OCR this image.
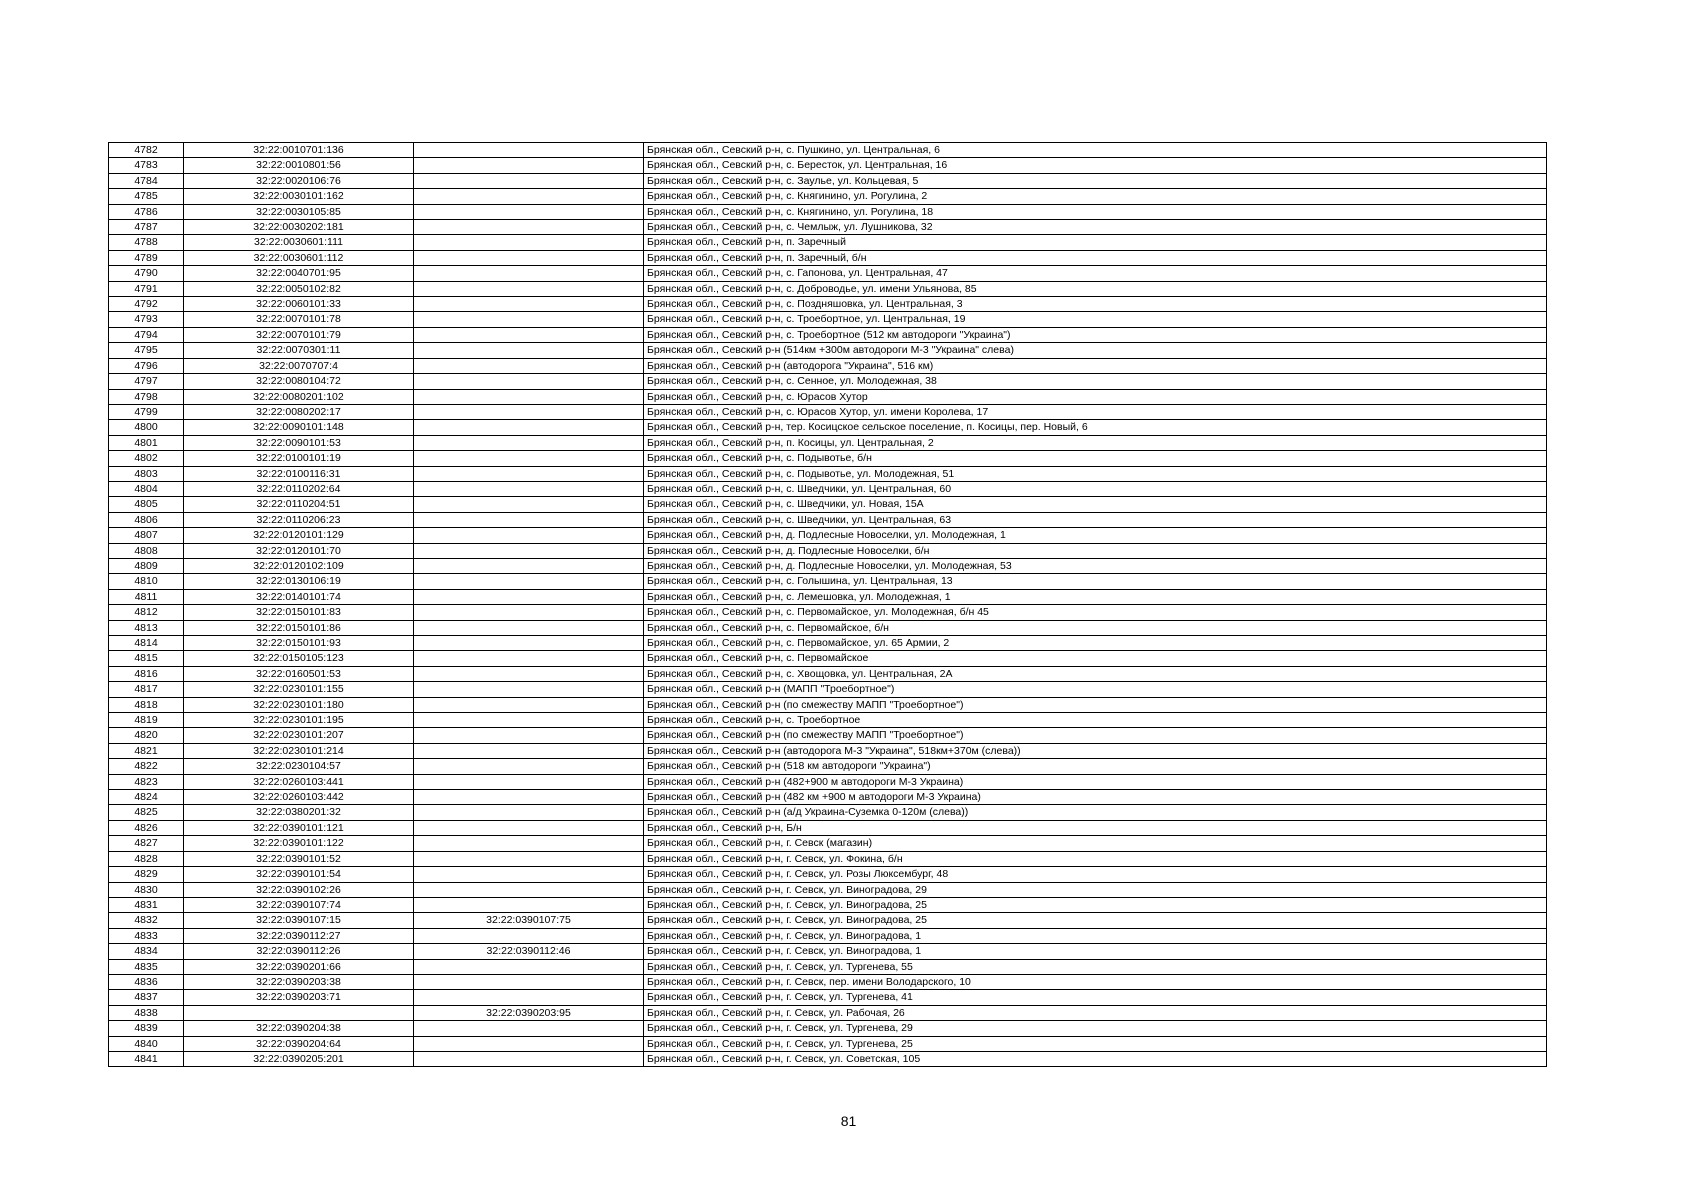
4782	32:22:0010701:136		Брянская обл., Севский р-н, с. Пушкино, ул. Центральная, 6
4783	32:22:0010801:56		Брянская обл., Севский р-н, с. Бересток, ул. Центральная, 16
4784	32:22:0020106:76		Брянская обл., Севский р-н, с. Заулье, ул. Кольцевая, 5
4785	32:22:0030101:162		Брянская обл., Севский р-н, с. Княгинино, ул. Рогулина, 2
4786	32:22:0030105:85		Брянская обл., Севский р-н, с. Княгинино, ул. Рогулина, 18
4787	32:22:0030202:181		Брянская обл., Севский р-н, с. Чемлыж, ул. Лушникова, 32
4788	32:22:0030601:111		Брянская обл., Севский р-н, п. Заречный
4789	32:22:0030601:112		Брянская обл., Севский р-н, п. Заречный, б/н
4790	32:22:0040701:95		Брянская обл., Севский р-н, с. Гапонова, ул. Центральная, 47
4791	32:22:0050102:82		Брянская обл., Севский р-н, с. Доброводье, ул. имени Ульянова, 85
4792	32:22:0060101:33		Брянская обл., Севский р-н, с. Поздняшовка, ул. Центральная, 3
4793	32:22:0070101:78		Брянская обл., Севский р-н, с. Троебортное, ул. Центральная, 19
4794	32:22:0070101:79		Брянская обл., Севский р-н, с. Троебортное (512 км автодороги "Украина")
4795	32:22:0070301:11		Брянская обл., Севский р-н (514км +300м автодороги М-3 "Украина" слева)
4796	32:22:0070707:4		Брянская обл., Севский р-н (автодорога "Украина", 516 км)
4797	32:22:0080104:72		Брянская обл., Севский р-н, с. Сенное, ул. Молодежная, 38
4798	32:22:0080201:102		Брянская обл., Севский р-н, с. Юрасов Хутор
4799	32:22:0080202:17		Брянская обл., Севский р-н, с. Юрасов Хутор, ул. имени Королева, 17
4800	32:22:0090101:148		Брянская обл., Севский р-н, тер. Косицское сельское поселение, п. Косицы, пер. Новый, 6
4801	32:22:0090101:53		Брянская обл., Севский р-н, п. Косицы, ул. Центральная, 2
4802	32:22:0100101:19		Брянская обл., Севский р-н, с. Подывотье, б/н
4803	32:22:0100116:31		Брянская обл., Севский р-н, с. Подывотье, ул. Молодежная, 51
4804	32:22:0110202:64		Брянская обл., Севский р-н, с. Шведчики, ул. Центральная, 60
4805	32:22:0110204:51		Брянская обл., Севский р-н, с. Шведчики, ул. Новая, 15А
4806	32:22:0110206:23		Брянская обл., Севский р-н, с. Шведчики, ул. Центральная, 63
4807	32:22:0120101:129		Брянская обл., Севский р-н, д. Подлесные Новоселки, ул. Молодежная, 1
4808	32:22:0120101:70		Брянская обл., Севский р-н, д. Подлесные Новоселки, б/н
4809	32:22:0120102:109		Брянская обл., Севский р-н, д. Подлесные Новоселки, ул. Молодежная, 53
4810	32:22:0130106:19		Брянская обл., Севский р-н, с. Голышина, ул. Центральная, 13
4811	32:22:0140101:74		Брянская обл., Севский р-н, с. Лемешовка, ул. Молодежная, 1
4812	32:22:0150101:83		Брянская обл., Севский р-н, с. Первомайское, ул. Молодежная, б/н 45
4813	32:22:0150101:86		Брянская обл., Севский р-н, с. Первомайское, б/н
4814	32:22:0150101:93		Брянская обл., Севский р-н, с. Первомайское, ул. 65 Армии, 2
4815	32:22:0150105:123		Брянская обл., Севский р-н, с. Первомайское
4816	32:22:0160501:53		Брянская обл., Севский р-н, с. Хвощовка, ул. Центральная, 2А
4817	32:22:0230101:155		Брянская обл., Севский р-н (МАПП "Троебортное")
4818	32:22:0230101:180		Брянская обл., Севский р-н (по смежеству МАПП "Троебортное")
4819	32:22:0230101:195		Брянская обл., Севский р-н, с. Троебортное
4820	32:22:0230101:207		Брянская обл., Севский р-н (по смежеству МАПП "Троебортное")
4821	32:22:0230101:214		Брянская обл., Севский р-н (автодорога М-3 "Украина", 518км+370м (слева))
4822	32:22:0230104:57		Брянская обл., Севский р-н (518 км автодороги "Украина")
4823	32:22:0260103:441		Брянская обл., Севский р-н (482+900 м автодороги М-3 Украина)
4824	32:22:0260103:442		Брянская обл., Севский р-н (482 км +900 м автодороги М-3 Украина)
4825	32:22:0380201:32		Брянская обл., Севский р-н (а/д Украина-Суземка 0-120м (слева))
4826	32:22:0390101:121		Брянская обл., Севский р-н, Б/н
4827	32:22:0390101:122		Брянская обл., Севский р-н, г. Севск (магазин)
4828	32:22:0390101:52		Брянская обл., Севский р-н, г. Севск, ул. Фокина, б/н
4829	32:22:0390101:54		Брянская обл., Севский р-н, г. Севск, ул. Розы Люксембург, 48
4830	32:22:0390102:26		Брянская обл., Севский р-н, г. Севск, ул. Виноградова, 29
4831	32:22:0390107:74		Брянская обл., Севский р-н, г. Севск, ул. Виноградова, 25
4832	32:22:0390107:15	32:22:0390107:75	Брянская обл., Севский р-н, г. Севск, ул. Виноградова, 25
4833	32:22:0390112:27		Брянская обл., Севский р-н, г. Севск, ул. Виноградова, 1
4834	32:22:0390112:26	32:22:0390112:46	Брянская обл., Севский р-н, г. Севск, ул. Виноградова, 1
4835	32:22:0390201:66		Брянская обл., Севский р-н, г. Севск, ул. Тургенева, 55
4836	32:22:0390203:38		Брянская обл., Севский р-н, г. Севск, пер. имени Володарского, 10
4837	32:22:0390203:71		Брянская обл., Севский р-н, г. Севск, ул. Тургенева, 41
4838		32:22:0390203:95	Брянская обл., Севский р-н, г. Севск, ул. Рабочая, 26
4839	32:22:0390204:38		Брянская обл., Севский р-н, г. Севск, ул. Тургенева, 29
4840	32:22:0390204:64		Брянская обл., Севский р-н, г. Севск, ул. Тургенева, 25
4841	32:22:0390205:201		Брянская обл., Севский р-н, г. Севск, ул. Советская, 105
81
